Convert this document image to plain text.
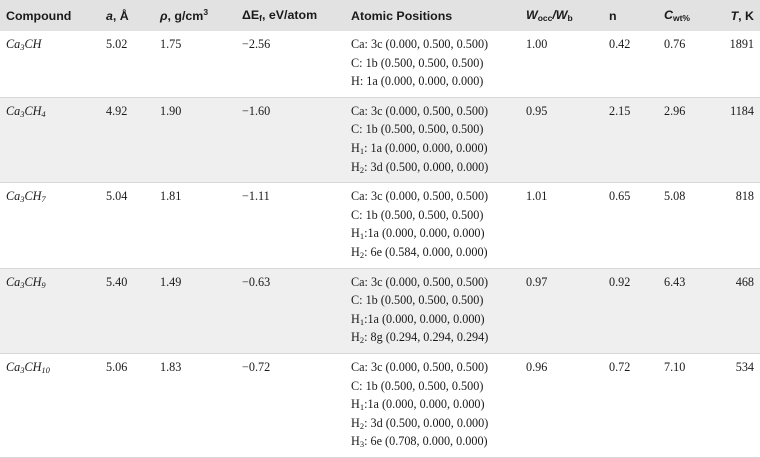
Compound	a, Å	ρ, $g/cm^3$	$\Delta E_f$, eV/atom	Atomic Positions	$W_{occ}/W_b$	n	$C_{wt\%}$	T, K
$Ca_3CH$	5.02	1.75	−2.56	Ca: 3c (0.000, 0.500, 0.500)
C: 1b (0.500, 0.500, 0.500)
H: 1a (0.000, 0.000, 0.000)	1.00	0.42	0.76	1891
$Ca_3CH_4$	4.92	1.90	−1.60	Ca: 3c (0.000, 0.500, 0.500)
C: 1b (0.500, 0.500, 0.500)
$H_1$: 1a (0.000, 0.000, 0.000)
$H_2$: 3d (0.500, 0.000, 0.000)	0.95	2.15	2.96	1184
$Ca_3CH_7$	5.04	1.81	−1.11	Ca: 3c (0.000, 0.500, 0.500)
C: 1b (0.500, 0.500, 0.500)
$H_1:1a$ (0.000, 0.000, 0.000)
$H_2$: 6e (0.584, 0.000, 0.000)	1.01	0.65	5.08	818
$Ca_3CH_9$	5.40	1.49	−0.63	Ca: 3c (0.000, 0.500, 0.500)
C: 1b (0.500, 0.500, 0.500)
$H_1:1a$ (0.000, 0.000, 0.000)
$H_2$: 8g (0.294, 0.294, 0.294)	0.97	0.92	6.43	468
$Ca_3CH_{10}$	5.06	1.83	−0.72	Ca: 3c (0.000, 0.500, 0.500)
C: 1b (0.500, 0.500, 0.500)
$H_1:1a$ (0.000, 0.000, 0.000)
$H_2$: 3d (0.500, 0.000, 0.000)
$H_3$: 6e (0.708, 0.000, 0.000)	0.96	0.72	7.10	534
